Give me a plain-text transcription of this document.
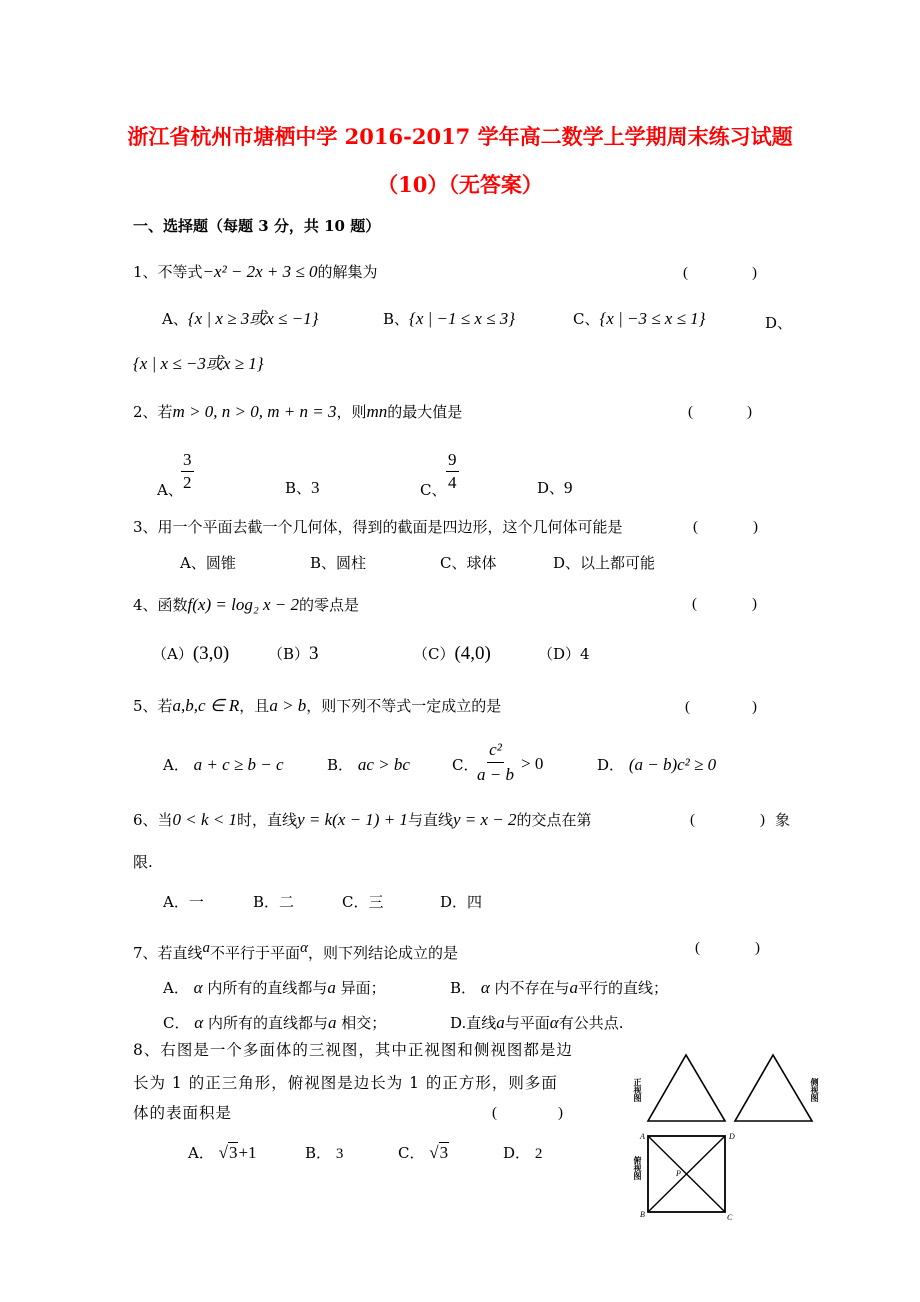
浙江省杭州市塘栖中学 2016-2017 学年高二数学上学期周末练习试题
（10）（无答案）
一、选择题（每题 3 分，共 10 题）
1、不等式−x² − 2x + 3 ≤ 0的解集为	(	)
A、{x | x ≥ 3或x ≤ −1}	B、{x | −1 ≤ x ≤ 3}	C、{x | −3 ≤ x ≤ 1}	D、
{x | x ≤ −3或x ≥ 1}
2、若m > 0, n > 0, m + n = 3，则mn的最大值是	(	)
A、
$\frac{3}{2}$	B、3	C、 $\frac{9}{4}$	D、9
3、用一个平面去截一个几何体，得到的截面是四边形，这个几何体可能是	(	)
A、圆锥	B、圆柱	C、球体	D、以上都可能
4、函数f(x) = log₂ x − 2的零点是	(	)
（A）(3,0)	（B）3	（C）(4,0)	（D）4
5、若a,b,c ∈ R，且a > b，则下列不等式一定成立的是	(	)
A． a + c ≥ b − c	B． ac > bc	C．
$\frac{\text{c²}}{a - b} > 0$	D． (a − b)c² ≥ 0
6、当0 < k < 1时，直线y = k(x − 1) + 1与直线y = x − 2的交点在第	(	) 象
限.
A．一	B．二	C．三	D．四
7、若直线$^a$不平行于平面$^\alpha$，则下列结论成立的是	(	)
A． α 内所有的直线都与a 异面；	B． α 内不存在与a平行的直线；
C． α 内所有的直线都与a 相交；	D.直线a与平面α有公共点.
8、右图是一个多面体的三视图，其中正视图和侧视图都是边
长为 1 的正三角形，俯视图是边长为 1 的正方形，则多面
体的表面积是	(	)
A． √3+1	B． 3	C． √3	D． 2
A	D
B	C
P
正视图	侧视图
俯视图
